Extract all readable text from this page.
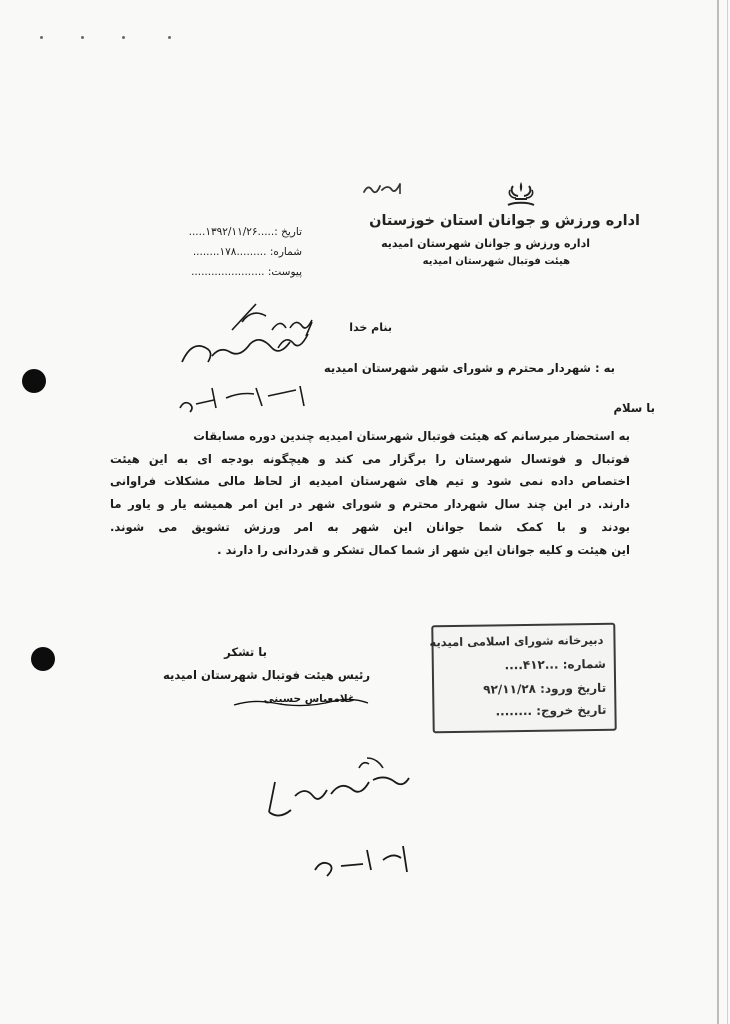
اداره ورزش و جوانان استان خوزستان
اداره ورزش و جوانان شهرستان امیدیه
هیئت فوتبال شهرستان امیدیه
تاریخ :.....۱۳۹۲/۱۱/۲۶.....
شماره: .........۱۷۸........
پیوست: ......................
بنام خدا
به : شهردار محترم و شورای شهر شهرستان امیدیه
با سلام

به استحضار میرسانم که هیئت فوتبال شهرستان امیدیه چندین دوره مسابقات

فوتبال و فوتسال شهرستان را برگزار می کند و هیچگونه بودجه ای به این هیئت

اختصاص داده نمی شود و تیم های شهرستان امیدیه از لحاظ مالی مشکلات فراوانی

دارند. در این چند سال شهردار محترم و شورای شهر در این امر همیشه یار و یاور ما

بودند و با کمک شما جوانان این شهر به امر ورزش تشویق می شوند.

این هیئت و کلیه جوانان این شهر از شما کمال تشکر و قدردانی را دارند .

با تشکر
رئیس هیئت فوتبال شهرستان امیدیه
غلامعباس حسینی
دبیرخانه شورای اسلامی امیدیه
شماره: ...۴۱۲....
تاریخ ورود: ۹۲/۱۱/۲۸
تاریخ خروج: ........
